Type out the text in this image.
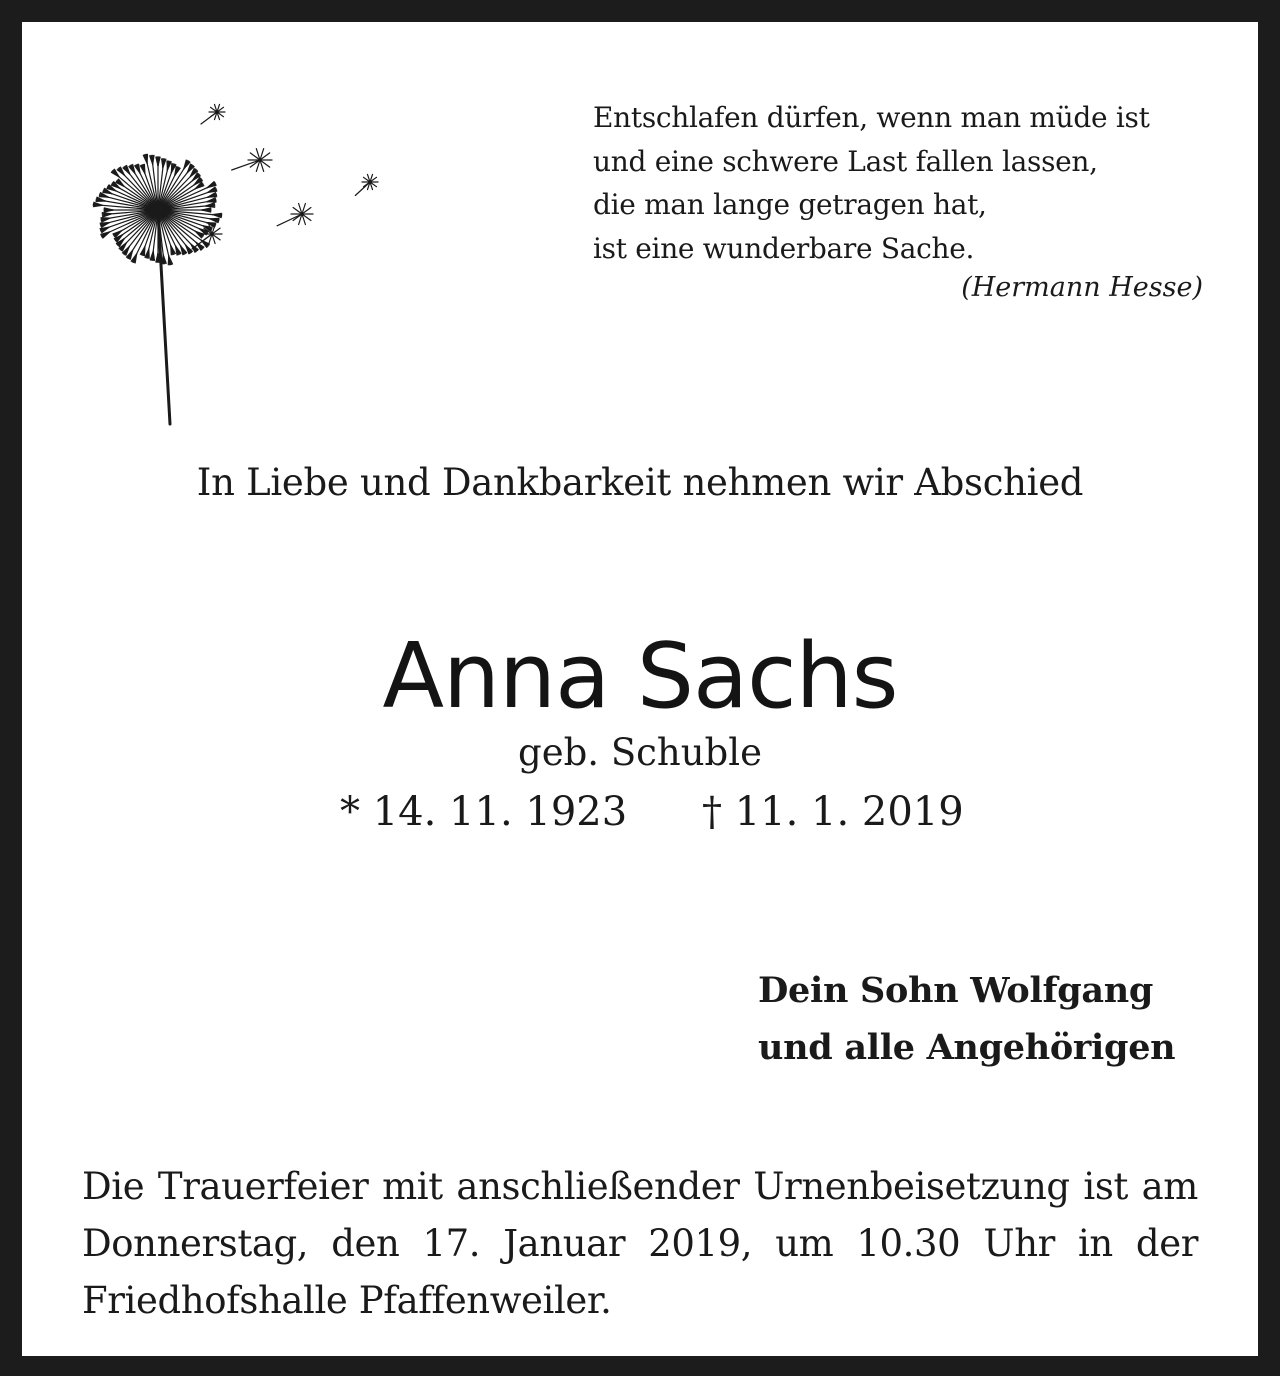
Entschlafen dürfen, wenn man müde ist
und eine schwere Last fallen lassen,
die man lange getragen hat,
ist eine wunderbare Sache.
(Hermann Hesse)
In Liebe und Dankbarkeit nehmen wir Abschied
Anna Sachs
geb. Schuble
* 14. 11. 1923 † 11. 1. 2019
Dein Sohn Wolfgang
und alle Angehörigen
Die Trauerfeier mit anschließender Urnenbeisetzung ist am Donnerstag, den 17. Januar 2019, um 10.30 Uhr in der Friedhofshalle Pfaffenweiler.
